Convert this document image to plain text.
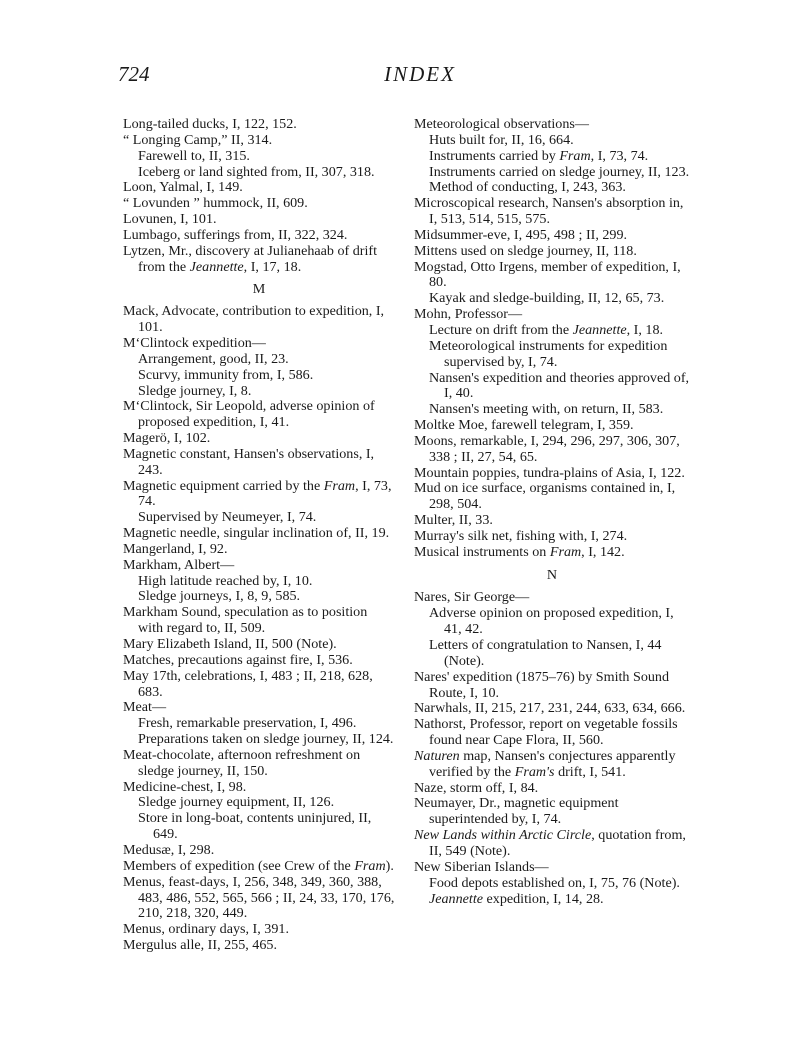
724	INDEX
Long-tailed ducks, I, 122, 152.
“ Longing Camp,” II, 314.
Farewell to, II, 315.
Iceberg or land sighted from, II, 307, 318.
Loon, Yalmal, I, 149.
“ Lovunden ” hummock, II, 609.
Lovunen, I, 101.
Lumbago, sufferings from, II, 322, 324.
Lytzen, Mr., discovery at Julianehaab of drift from the Jeannette, I, 17, 18.
M
Mack, Advocate, contribution to expedition, I, 101.
M‘Clintock expedition—
Arrangement, good, II, 23.
Scurvy, immunity from, I, 586.
Sledge journey, I, 8.
M‘Clintock, Sir Leopold, adverse opinion of proposed expedition, I, 41.
Magerö, I, 102.
Magnetic constant, Hansen's observations, I, 243.
Magnetic equipment carried by the Fram, I, 73, 74.
Supervised by Neumeyer, I, 74.
Magnetic needle, singular inclination of, II, 19.
Mangerland, I, 92.
Markham, Albert—
High latitude reached by, I, 10.
Sledge journeys, I, 8, 9, 585.
Markham Sound, speculation as to position with regard to, II, 509.
Mary Elizabeth Island, II, 500 (Note).
Matches, precautions against fire, I, 536.
May 17th, celebrations, I, 483 ; II, 218, 628, 683.
Meat—
Fresh, remarkable preservation, I, 496.
Preparations taken on sledge journey, II, 124.
Meat-chocolate, afternoon refreshment on sledge journey, II, 150.
Medicine-chest, I, 98.
Sledge journey equipment, II, 126.
Store in long-boat, contents uninjured, II, 649.
Medusæ, I, 298.
Members of expedition (see Crew of the Fram).
Menus, feast-days, I, 256, 348, 349, 360, 388, 483, 486, 552, 565, 566 ; II, 24, 33, 170, 176, 210, 218, 320, 449.
Menus, ordinary days, I, 391.
Mergulus alle, II, 255, 465.
Meteorological observations—
Huts built for, II, 16, 664.
Instruments carried by Fram, I, 73, 74.
Instruments carried on sledge journey, II, 123.
Method of conducting, I, 243, 363.
Microscopical research, Nansen's absorption in, I, 513, 514, 515, 575.
Midsummer-eve, I, 495, 498 ; II, 299.
Mittens used on sledge journey, II, 118.
Mogstad, Otto Irgens, member of expedition, I, 80.
Kayak and sledge-building, II, 12, 65, 73.
Mohn, Professor—
Lecture on drift from the Jeannette, I, 18.
Meteorological instruments for expedition supervised by, I, 74.
Nansen's expedition and theories approved of, I, 40.
Nansen's meeting with, on return, II, 583.
Moltke Moe, farewell telegram, I, 359.
Moons, remarkable, I, 294, 296, 297, 306, 307, 338 ; II, 27, 54, 65.
Mountain poppies, tundra-plains of Asia, I, 122.
Mud on ice surface, organisms contained in, I, 298, 504.
Multer, II, 33.
Murray's silk net, fishing with, I, 274.
Musical instruments on Fram, I, 142.
N
Nares, Sir George—
Adverse opinion on proposed expedition, I, 41, 42.
Letters of congratulation to Nansen, I, 44 (Note).
Nares' expedition (1875–76) by Smith Sound Route, I, 10.
Narwhals, II, 215, 217, 231, 244, 633, 634, 666.
Nathorst, Professor, report on vegetable fossils found near Cape Flora, II, 560.
Naturen map, Nansen's conjectures apparently verified by the Fram's drift, I, 541.
Naze, storm off, I, 84.
Neumayer, Dr., magnetic equipment superintended by, I, 74.
New Lands within Arctic Circle, quotation from, II, 549 (Note).
New Siberian Islands—
Food depots established on, I, 75, 76 (Note).
Jeannette expedition, I, 14, 28.
